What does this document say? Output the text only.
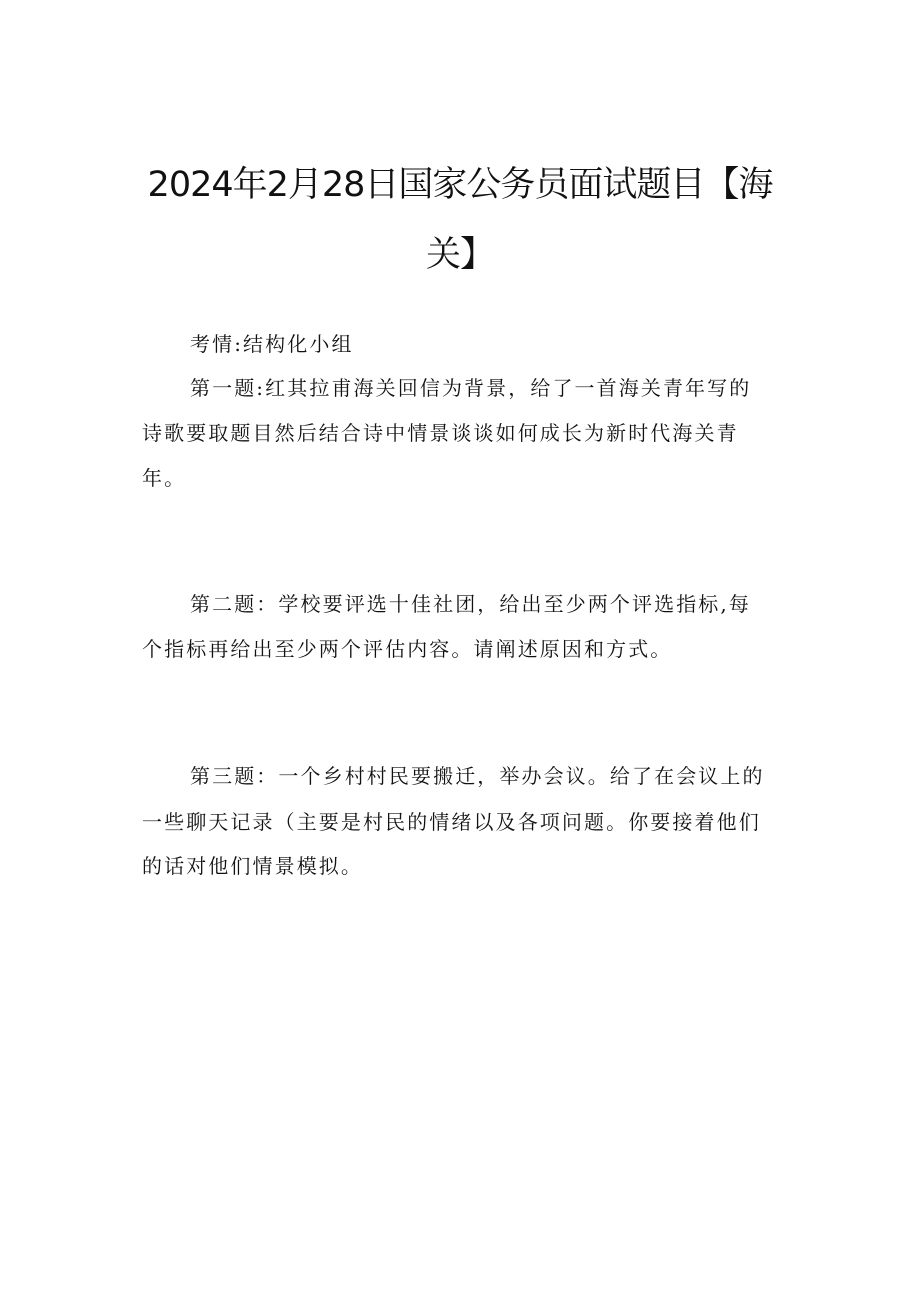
2024年2月28日国家公务员面试题目【海
关】
考情:结构化小组
第一题:红其拉甫海关回信为背景，给了一首海关青年写的
诗歌要取题目然后结合诗中情景谈谈如何成长为新时代海关青
年。
第二题：学校要评选十佳社团，给出至少两个评选指标,每
个指标再给出至少两个评估内容。请阐述原因和方式。
第三题：一个乡村村民要搬迁，举办会议。给了在会议上的
一些聊天记录（主要是村民的情绪以及各项问题。你要接着他们
的话对他们情景模拟。
